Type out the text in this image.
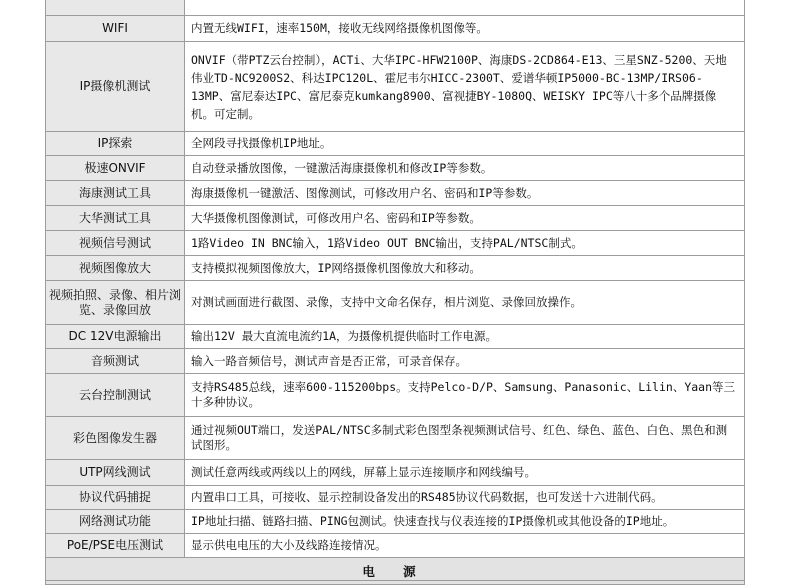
WIFI	内置无线WIFI，速率150M，接收无线网络摄像机图像等。
IP摄像机测试	ONVIF（带PTZ云台控制），ACTi、大华IPC-HFW2100P、海康DS-2CD864-E13、三星SNZ-5200、天地伟业TD-NC9200S2、科达IPC120L、霍尼韦尔HICC-2300T、爱谱华顿IP5000-BC-13MP/IRS06-13MP、富尼泰达IPC、富尼泰克kumkang8900、富视捷BY-1080Q、WEISKY IPC等八十多个品牌摄像机。可定制。
IP探索	全网段寻找摄像机IP地址。
极速ONVIF	自动登录播放图像，一键激活海康摄像机和修改IP等参数。
海康测试工具	海康摄像机一键激活、图像测试，可修改用户名、密码和IP等参数。
大华测试工具	大华摄像机图像测试，可修改用户名、密码和IP等参数。
视频信号测试	1路Video IN BNC输入，1路Video OUT BNC输出，支持PAL/NTSC制式。
视频图像放大	支持模拟视频图像放大，IP网络摄像机图像放大和移动。
视频拍照、录像、相片浏览、录像回放	对测试画面进行截图、录像，支持中文命名保存，相片浏览、录像回放操作。
DC 12V电源输出	输出12V 最大直流电流约1A，为摄像机提供临时工作电源。
音频测试	输入一路音频信号，测试声音是否正常，可录音保存。
云台控制测试	支持RS485总线，速率600-115200bps。支持Pelco-D/P、Samsung、Panasonic、Lilin、Yaan等三十多种协议。
彩色图像发生器	通过视频OUT端口，发送PAL/NTSC多制式彩色图型条视频测试信号、红色、绿色、蓝色、白色、黑色和测试图形。
UTP网线测试	测试任意两线或两线以上的网线，屏幕上显示连接顺序和网线编号。
协议代码捕捉	内置串口工具，可接收、显示控制设备发出的RS485协议代码数据，也可发送十六进制代码。
网络测试功能	IP地址扫描、链路扫描、PING包测试。快速查找与仪表连接的IP摄像机或其他设备的IP地址。
PoE/PSE电压测试	显示供电电压的大小及线路连接情况。
电 源	
